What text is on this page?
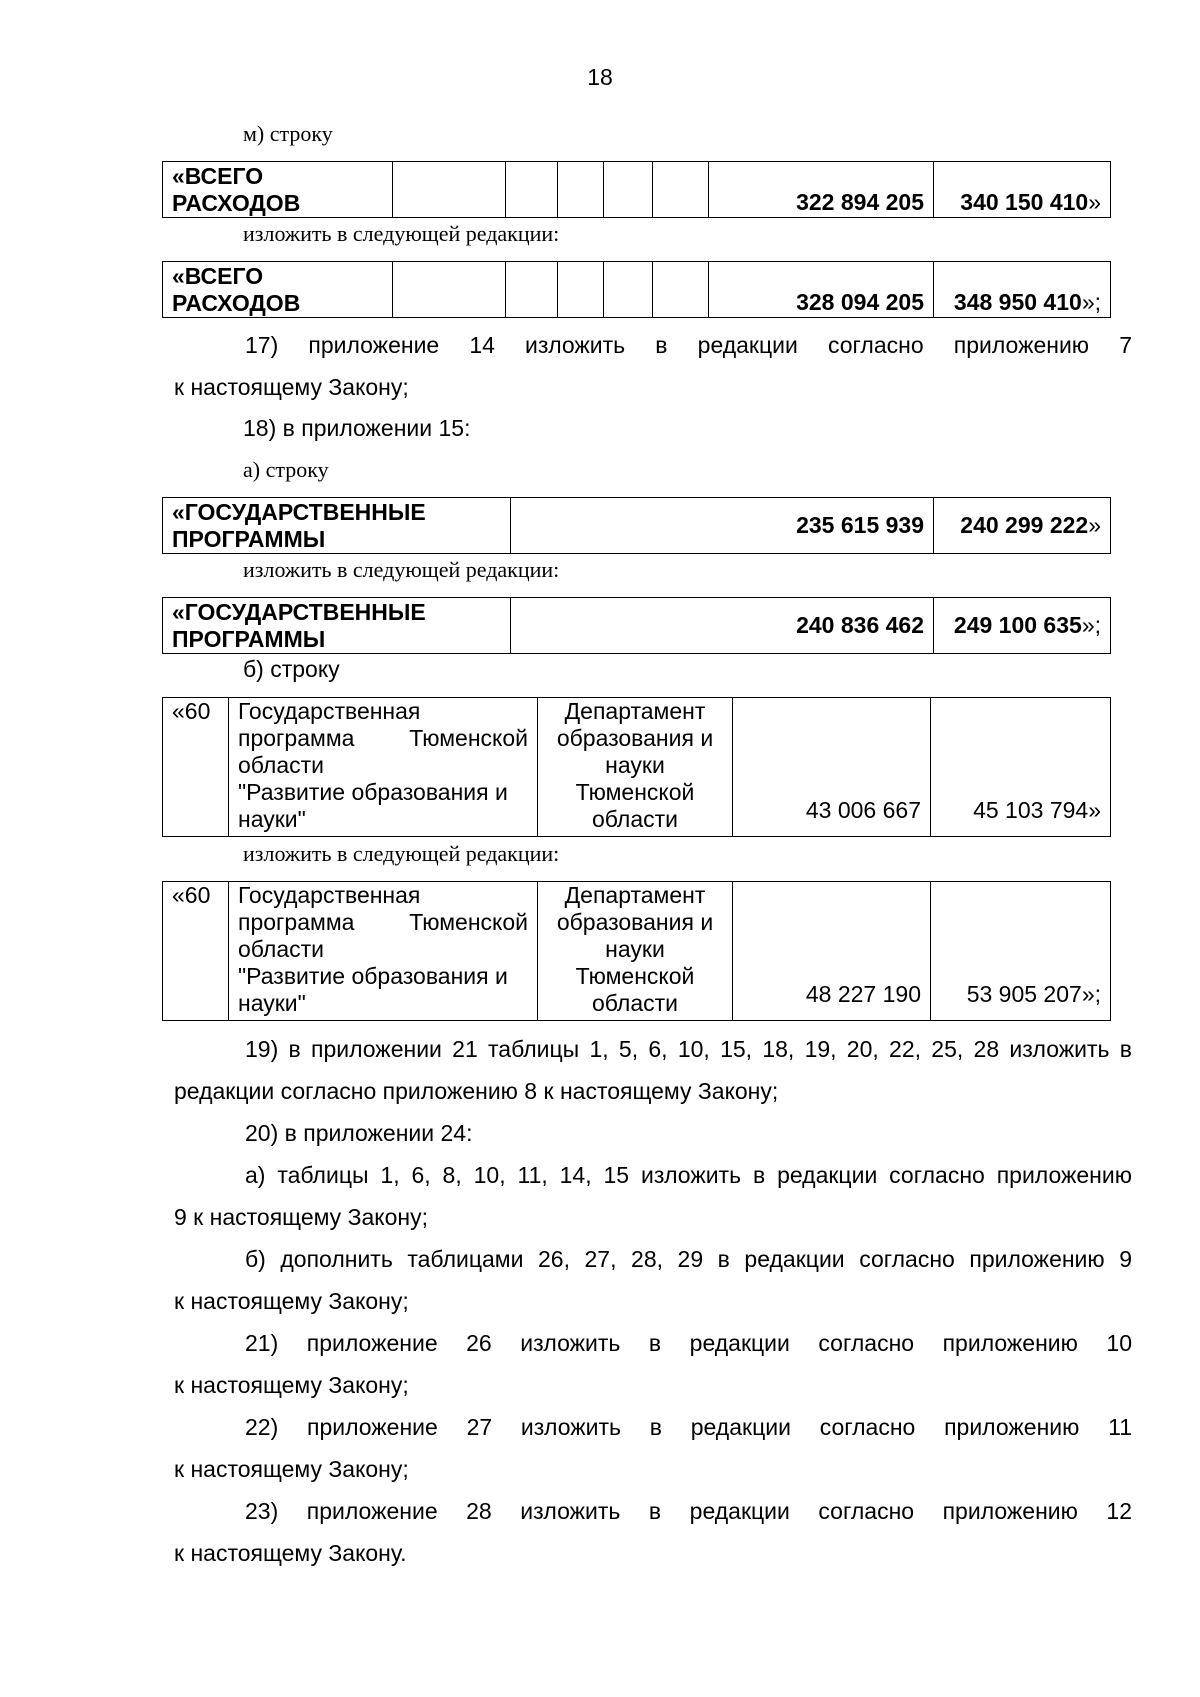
18
м) строку
«ВСЕГО РАСХОДОВ						322 894 205	340 150 410»
изложить в следующей редакции:
«ВСЕГО РАСХОДОВ						328 094 205	348 950 410»;

17) приложение 14 изложить в редакции согласно приложению 7

к настоящему Закону;

18) в приложении 15:
а) строку
«ГОСУДАРСТВЕННЫЕ ПРОГРАММЫ	235 615 939	240 299 222»
изложить в следующей редакции:
«ГОСУДАРСТВЕННЫЕ ПРОГРАММЫ	240 836 462	249 100 635»;
б) строку
«60	Государственная
программа Тюменской
области
"Развитие образования и
науки"
	Департамент образования и науки Тюменской области	43 006 667	45 103 794»
изложить в следующей редакции:
«60	Государственная
программа Тюменской
области
"Развитие образования и
науки"
	Департамент образования и науки Тюменской области	48 227 190	53 905 207»;

19) в приложении 21 таблицы 1, 5, 6, 10, 15, 18, 19, 20, 22, 25, 28 изложить в

редакции согласно приложению 8 к настоящему Закону;

20) в приложении 24:

а) таблицы 1, 6, 8, 10, 11, 14, 15 изложить в редакции согласно приложению

9 к настоящему Закону;

б) дополнить таблицами 26, 27, 28, 29 в редакции согласно приложению 9

к настоящему Закону;

21) приложение 26 изложить в редакции согласно приложению 10

к настоящему Закону;

22) приложение 27 изложить в редакции согласно приложению 11

к настоящему Закону;

23) приложение 28 изложить в редакции согласно приложению 12

к настоящему Закону.
